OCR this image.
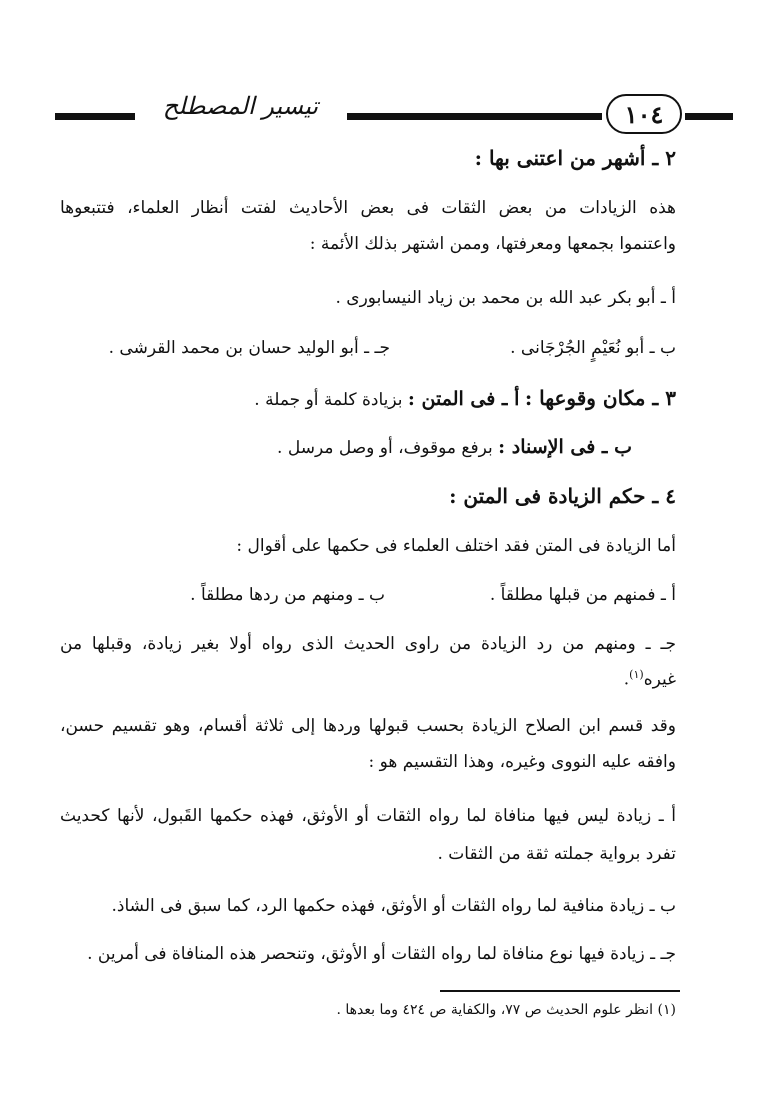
تيسير المصطلح	١٠٤
٢ ـ أشهر من اعتنى بها :
هذه الزيادات من بعض الثقات فى بعض الأحاديث لفتت أنظار العلماء، فتتبعوها
واعتنموا بجمعها ومعرفتها، وممن اشتهر بذلك الأئمة :
أ ـ أبو بكر عبد الله بن محمد بن زياد النيسابورى .
ب ـ أبو نُعَيْمٍ الجُرْجَانى .
جـ ـ أبو الوليد حسان بن محمد القرشى .
٣ ـ مكان وقوعها : أ ـ فى المتن : بزيادة كلمة أو جملة .
ب ـ فى الإسناد : برفع موقوف، أو وصل مرسل .
٤ ـ حكم الزيادة فى المتن :
أما الزيادة فى المتن فقد اختلف العلماء فى حكمها على أقوال :
أ ـ فمنهم من قبلها مطلقاً .
ب ـ ومنهم من ردها مطلقاً .
جـ ـ ومنهم من رد الزيادة من راوى الحديث الذى رواه أولا بغير زيادة، وقبلها من
غيره$^{(١)}$.
وقد قسم ابن الصلاح الزيادة بحسب قبولها وردها إلى ثلاثة أقسام، وهو تقسيم حسن،
وافقه عليه النووى وغيره، وهذا التقسيم هو :
أ ـ زيادة ليس فيها منافاة لما رواه الثقات أو الأوثق، فهذه حكمها القَبول، لأنها كحديث
تفرد برواية جملته ثقة من الثقات .
ب ـ زيادة منافية لما رواه الثقات أو الأوثق، فهذه حكمها الرد، كما سبق فى الشاذ.
جـ ـ زيادة فيها نوع منافاة لما رواه الثقات أو الأوثق، وتنحصر هذه المنافاة فى أمرين .
(١) انظر علوم الحديث ص ٧٧، والكفاية ص ٤٢٤ وما بعدها .
